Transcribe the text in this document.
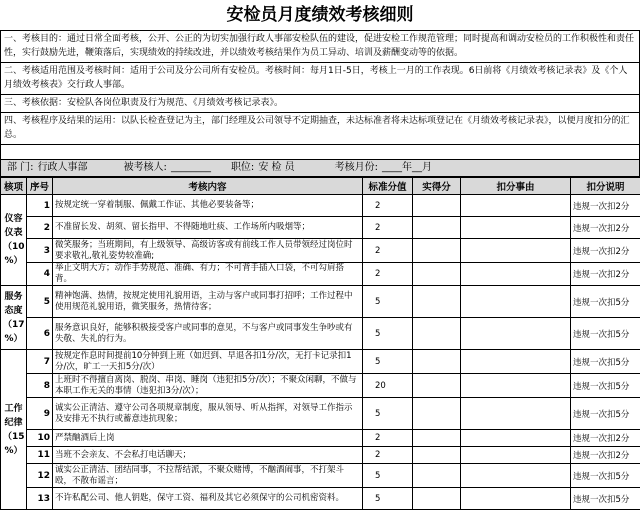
安检员月度绩效考核细则
一、考核目的：通过日常全面考核，公开、公正的为切实加强行政人事部安检队伍的建设，促进安检工作规范管理；同时提高和调动安检员的工作积极性和责任性，实行鼓励先进，鞭策落后，实现绩效的持续改进，并以绩效考核结果作为员工异动、培训及薪酬变动等的依据。
二、考核适用范围及考核时间：适用于公司及分公司所有安检员。考核时间：每月1日-5日，考核上一月的工作表现。6日前将《月绩效考核记录表》及《个人月绩效考核表》交行政人事部。
三、考核依据：安检队各岗位职责及行为规范、《月绩效考核记录表》。
四、考核程序及结果的运用：以队长检查登记为主，部门经理及公司领导不定期抽查，未达标准者将未达标项登记在《月绩效考核记录表》，以便月度扣分的汇总。
部 门: 行政人事部	被考核人: ________ 职位: 安 检 员	考核月份: ____年__月
核项	序号	考核内容	标准分值	实得分	扣分事由	扣分说明
仪容
仪表
（10
%）	1	按规定统一穿着制服、佩戴工作证、其他必要装备等；	2			违规一次扣2分
	2	不准留长发、胡须、留长指甲、不得随地吐痰、工作场所内吸烟等；	2			违规一次扣2分
	3	微笑服务；当班期间，有上级领导、高级访客或有前线工作人员带领经过岗位时要求敬礼,敬礼姿势较准确;	2			违规一次扣2分
	4	举止文明大方；动作手势规范、准确、有力；不可背手插入口袋，不可勾肩搭背。	2			违规一次扣2分
服务
态度
（17
%）	5	精神饱满、热情，按规定使用礼貌用语，主动与客户或同事打招呼；工作过程中使用规范礼貌用语，微笑服务，热情待客；	5			违规一次扣5分
	6	服务意识良好，能够积极接受客户或同事的意见，不与客户或同事发生争吵或有失敬、失礼的行为。	5			违规一次扣5分
工作
纪律
（15
%）	7	按规定作息时间提前10分钟到上班（如迟到、早退各扣1分/次，无打卡记录扣1分/次，旷工一天扣5分/次）	5			违规一次扣5分
	8	上班时不得擅自离岗、脱岗、串岗、睡岗（违犯扣5分/次）；不聚众闲聊，不做与本职工作无关的事情（违犯扣3分/次）；	20			违规一次扣5分
	9	诚实公正清洁、遵守公司各项规章制度，服从领导、听从指挥，对领导工作指示及安排无不执行或蓄意违抗现象；	5			违规一次扣5分
	10	严禁酗酒后上岗	2			违规一次扣2分
	11	当班不会亲友、不会私打电话聊天；	2			违规一次扣2分
	12	诚实公正清洁、团结同事，不拉帮结派，不聚众赌博，不酗酒闹事，不打架斗殴，不散布谣言；	5			违规一次扣5分
	13	不许私配公司、他人钥匙，保守工资、福利及其它必须保守的公司机密资料。	5			违规一次扣5分
